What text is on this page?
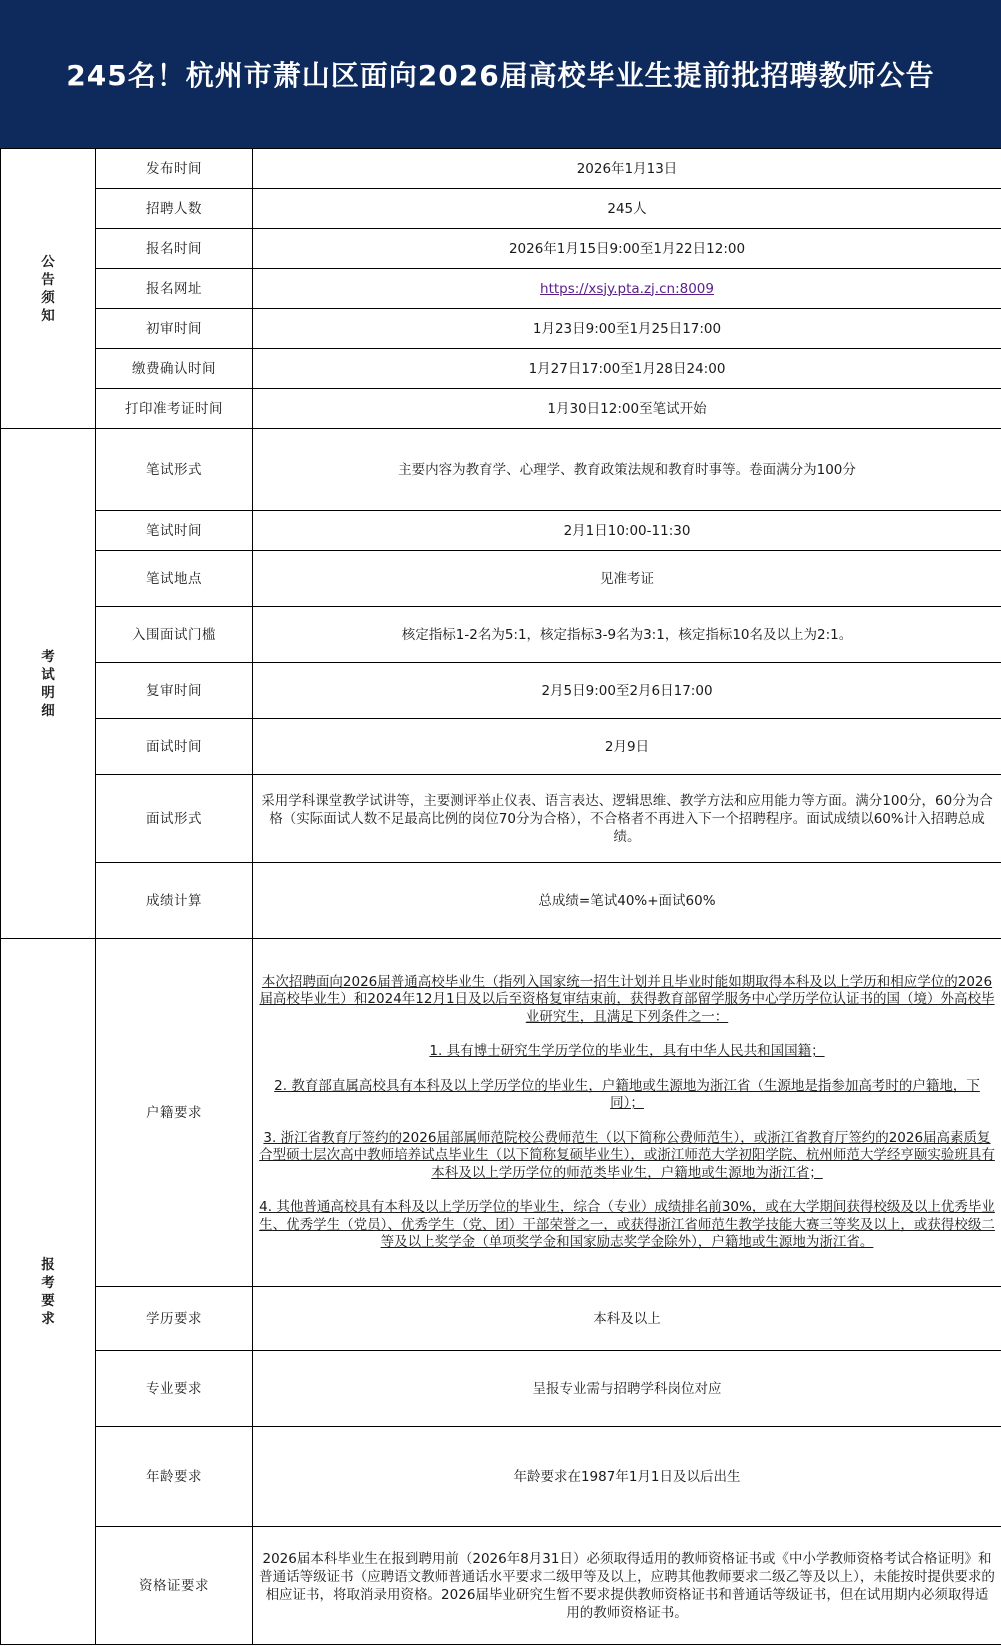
245名！杭州市萧山区面向2026届高校毕业生提前批招聘教师公告
公告须知	发布时间	2026年1月13日
	招聘人数	245人
	报名时间	2026年1月15日9:00至1月22日12:00
	报名网址	https://xsjy.pta.zj.cn:8009
	初审时间	1月23日9:00至1月25日17:00
	缴费确认时间	1月27日17:00至1月28日24:00
	打印准考证时间	1月30日12:00至笔试开始
考试明细	笔试形式	主要内容为教育学、心理学、教育政策法规和教育时事等。卷面满分为100分
	笔试时间	2月1日10:00-11:30
	笔试地点	见准考证
	入围面试门槛	核定指标1-2名为5:1，核定指标3-9名为3:1，核定指标10名及以上为2:1。
	复审时间	2月5日9:00至2月6日17:00
	面试时间	2月9日
	面试形式	采用学科课堂教学试讲等，主要测评举止仪表、语言表达、逻辑思维、教学方法和应用能力等方面。满分100分，60分为合格（实际面试人数不足最高比例的岗位70分为合格），不合格者不再进入下一个招聘程序。面试成绩以60%计入招聘总成绩。
	成绩计算	总成绩=笔试40%+面试60%
报考要求	户籍要求	本次招聘面向2026届普通高校毕业生（指列入国家统一招生计划并且毕业时能如期取得本科及以上学历和相应学位的2026届高校毕业生）和2024年12月1日及以后至资格复审结束前，获得教育部留学服务中心学历学位认证书的国（境）外高校毕业研究生，且满足下列条件之一：

1. 具有博士研究生学历学位的毕业生，具有中华人民共和国国籍；

2. 教育部直属高校具有本科及以上学历学位的毕业生，户籍地或生源地为浙江省（生源地是指参加高考时的户籍地，下同）；

3. 浙江省教育厅签约的2026届部属师范院校公费师范生（以下简称公费师范生），或浙江省教育厅签约的2026届高素质复合型硕士层次高中教师培养试点毕业生（以下简称复硕毕业生），或浙江师范大学初阳学院、杭州师范大学经亨颐实验班具有本科及以上学历学位的师范类毕业生，户籍地或生源地为浙江省；

4. 其他普通高校具有本科及以上学历学位的毕业生，综合（专业）成绩排名前30%，或在大学期间获得校级及以上优秀毕业生、优秀学生（党员）、优秀学生（党、团）干部荣誉之一，或获得浙江省师范生教学技能大赛三等奖及以上，或获得校级二等及以上奖学金（单项奖学金和国家励志奖学金除外），户籍地或生源地为浙江省。

	学历要求	本科及以上
	专业要求	呈报专业需与招聘学科岗位对应
	年龄要求	年龄要求在1987年1月1日及以后出生
	资格证要求	2026届本科毕业生在报到聘用前（2026年8月31日）必须取得适用的教师资格证书或《中小学教师资格考试合格证明》和普通话等级证书（应聘语文教师普通话水平要求二级甲等及以上，应聘其他教师要求二级乙等及以上），未能按时提供要求的相应证书，将取消录用资格。2026届毕业研究生暂不要求提供教师资格证书和普通话等级证书，但在试用期内必须取得适用的教师资格证书。
